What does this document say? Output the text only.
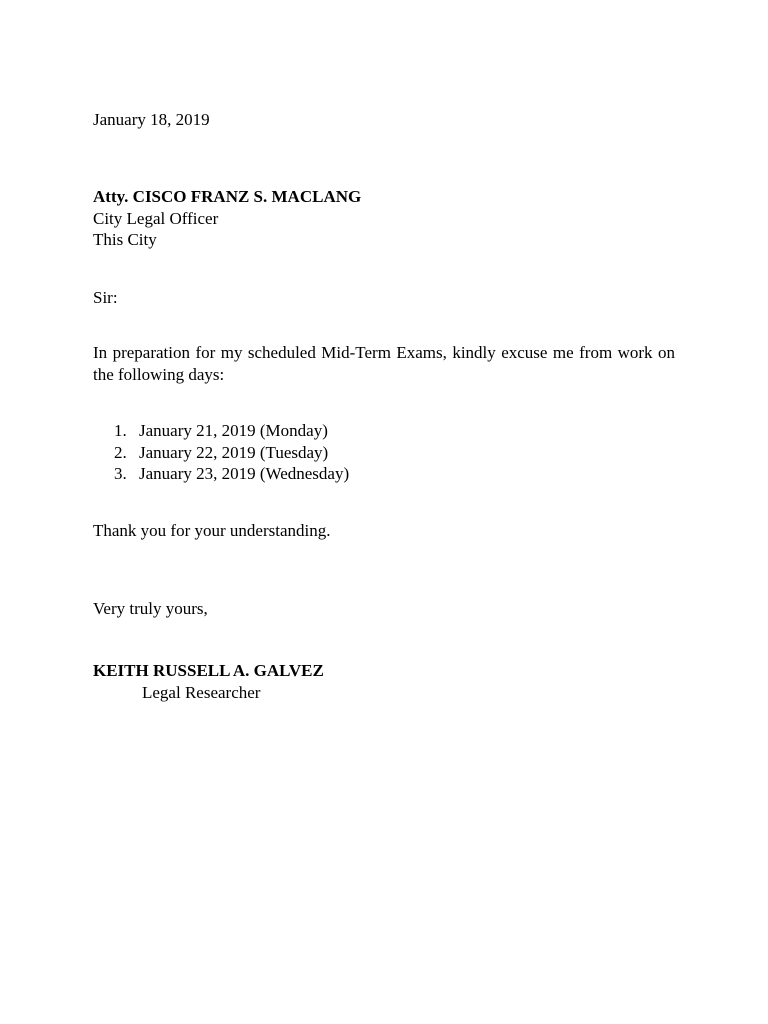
January 18, 2019

Atty. CISCO FRANZ S. MACLANG
City Legal Officer
This City

Sir:

In preparation for my scheduled Mid-Term Exams, kindly excuse me from work on the following days:

1. January 21, 2019 (Monday)
2. January 22, 2019 (Tuesday)
3. January 23, 2019 (Wednesday)

Thank you for your understanding.

Very truly yours,

KEITH RUSSELL A. GALVEZ

Legal Researcher
